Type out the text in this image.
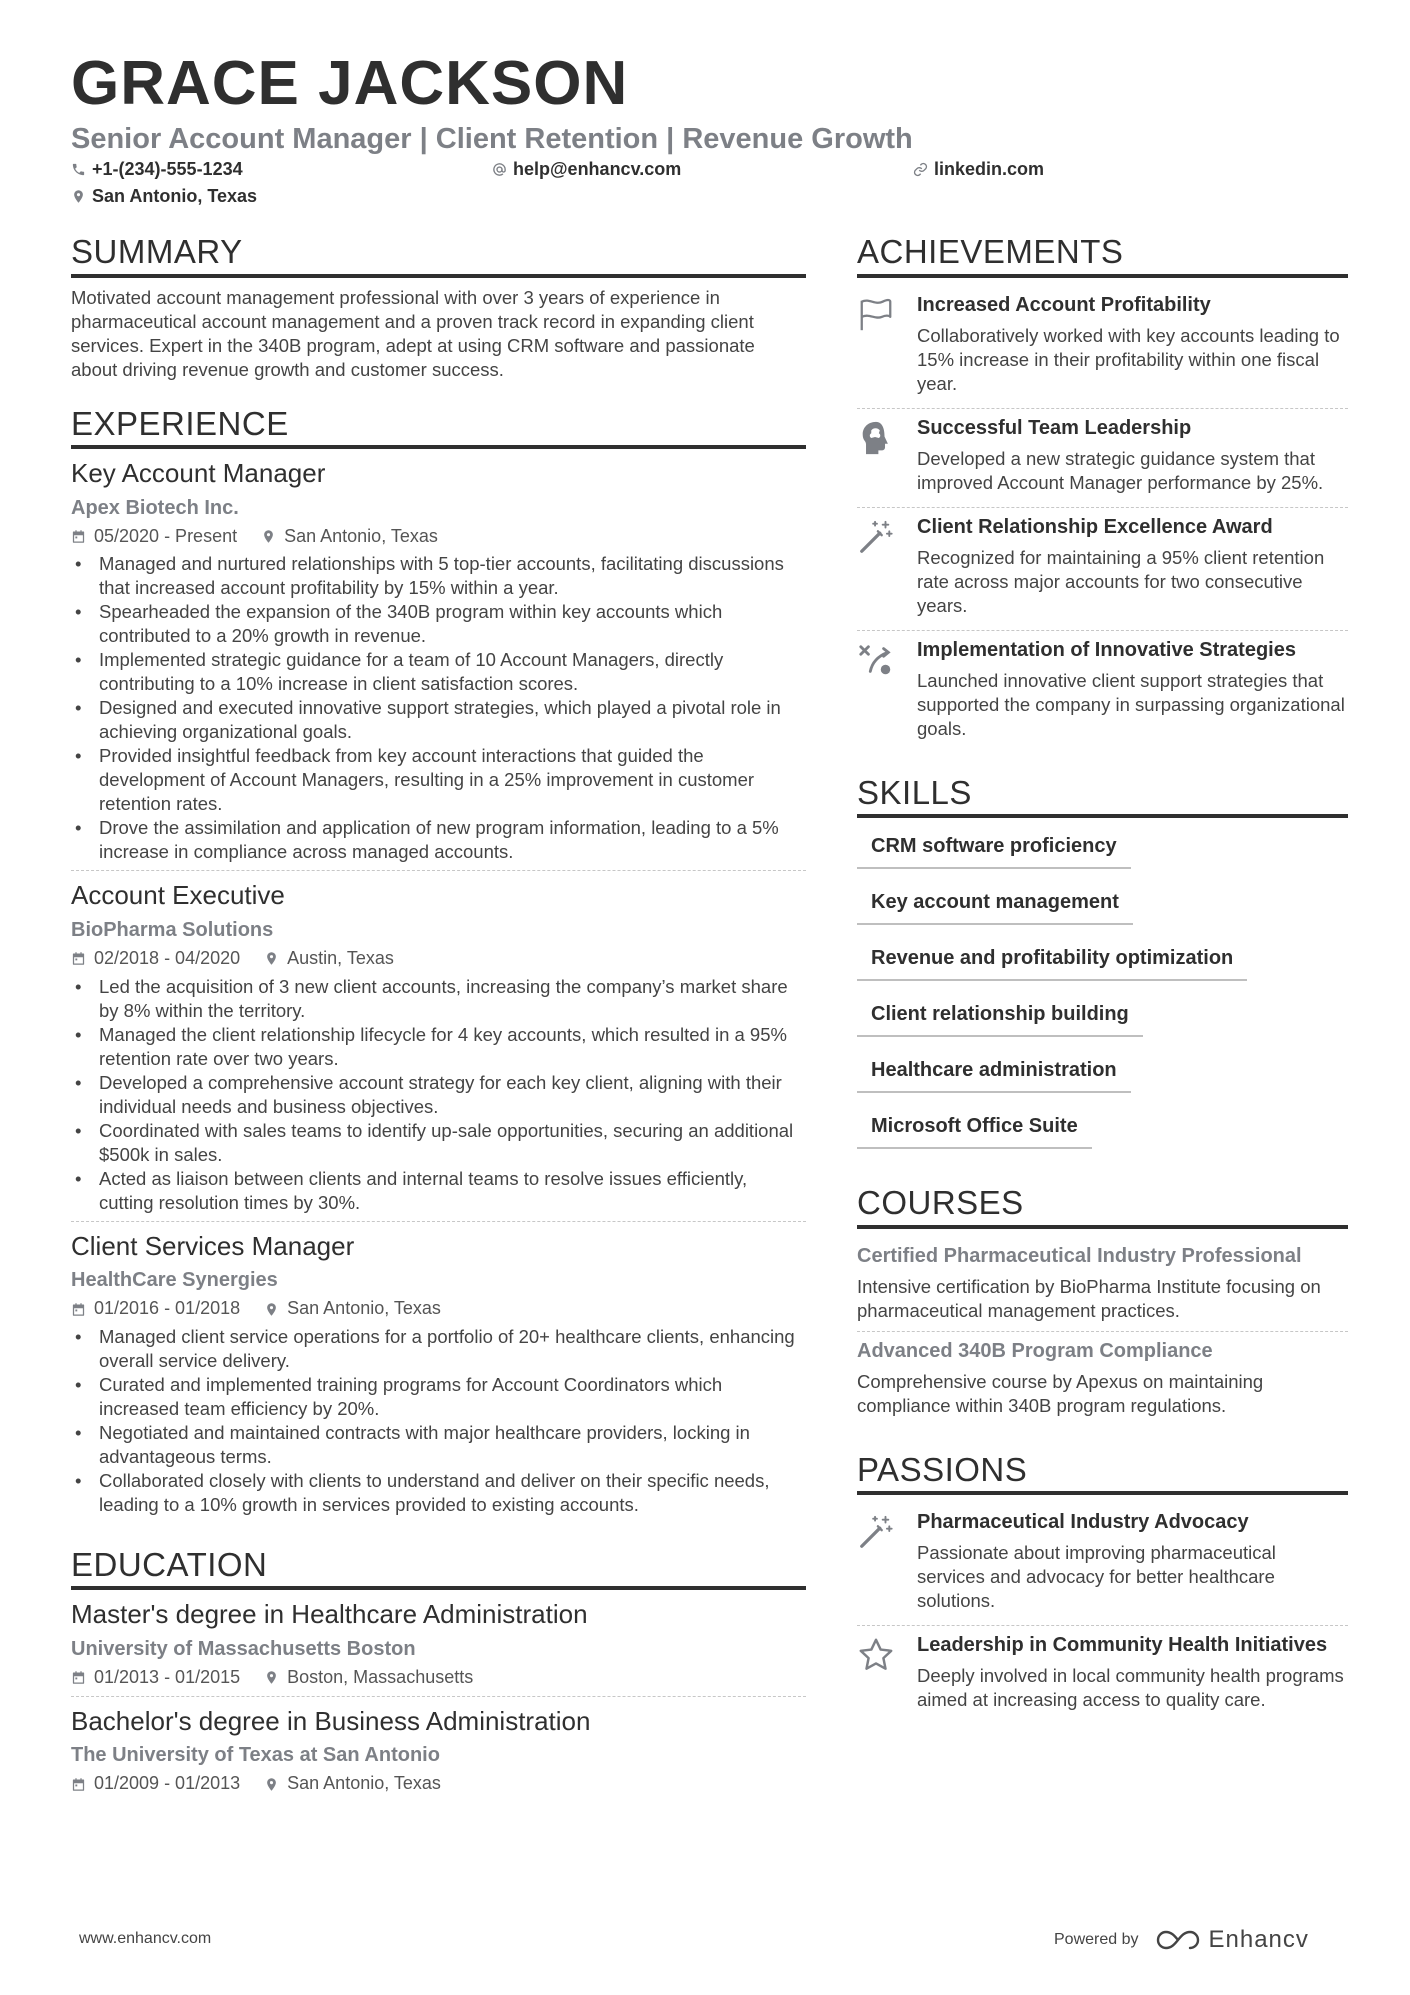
GRACE JACKSON
Senior Account Manager | Client Retention | Revenue Growth
+1-(234)-555-1234	help@enhancv.com	linkedin.com
San Antonio, Texas
SUMMARY

Motivated account management professional with over 3 years of experience in pharmaceutical account management and a proven track record in expanding client services. Expert in the 340B program, adept at using CRM software and passionate about driving revenue growth and customer success.

EXPERIENCE
Key Account Manager
Apex Biotech Inc.
05/2020 - Present	San Antonio, Texas
• Managed and nurtured relationships with 5 top-tier accounts, facilitating discussions that increased account profitability by 15% within a year.
• Spearheaded the expansion of the 340B program within key accounts which contributed to a 20% growth in revenue.
• Implemented strategic guidance for a team of 10 Account Managers, directly contributing to a 10% increase in client satisfaction scores.
• Designed and executed innovative support strategies, which played a pivotal role in achieving organizational goals.
• Provided insightful feedback from key account interactions that guided the development of Account Managers, resulting in a 25% improvement in customer retention rates.
• Drove the assimilation and application of new program information, leading to a 5% increase in compliance across managed accounts.
Account Executive
BioPharma Solutions
02/2018 - 04/2020	Austin, Texas
• Led the acquisition of 3 new client accounts, increasing the company’s market share by 8% within the territory.
• Managed the client relationship lifecycle for 4 key accounts, which resulted in a 95% retention rate over two years.
• Developed a comprehensive account strategy for each key client, aligning with their individual needs and business objectives.
• Coordinated with sales teams to identify up-sale opportunities, securing an additional $500k in sales.
• Acted as liaison between clients and internal teams to resolve issues efficiently, cutting resolution times by 30%.
Client Services Manager
HealthCare Synergies
01/2016 - 01/2018	San Antonio, Texas
• Managed client service operations for a portfolio of 20+ healthcare clients, enhancing overall service delivery.
• Curated and implemented training programs for Account Coordinators which increased team efficiency by 20%.
• Negotiated and maintained contracts with major healthcare providers, locking in advantageous terms.
• Collaborated closely with clients to understand and deliver on their specific needs, leading to a 10% growth in services provided to existing accounts.
EDUCATION
Master's degree in Healthcare Administration
University of Massachusetts Boston
01/2013 - 01/2015	Boston, Massachusetts
Bachelor's degree in Business Administration
The University of Texas at San Antonio
01/2009 - 01/2013	San Antonio, Texas
ACHIEVEMENTS
Increased Account Profitability
Collaboratively worked with key accounts leading to 15% increase in their profitability within one fiscal year.
Successful Team Leadership
Developed a new strategic guidance system that improved Account Manager performance by 25%.
Client Relationship Excellence Award
Recognized for maintaining a 95% client retention rate across major accounts for two consecutive years.
Implementation of Innovative Strategies
Launched innovative client support strategies that supported the company in surpassing organizational goals.
SKILLS
CRM software proficiency
Key account management
Revenue and profitability optimization
Client relationship building
Healthcare administration
Microsoft Office Suite
COURSES
Certified Pharmaceutical Industry Professional
Intensive certification by BioPharma Institute focusing on pharmaceutical management practices.
Advanced 340B Program Compliance
Comprehensive course by Apexus on maintaining compliance within 340B program regulations.
PASSIONS
Pharmaceutical Industry Advocacy
Passionate about improving pharmaceutical services and advocacy for better healthcare solutions.
Leadership in Community Health Initiatives
Deeply involved in local community health programs aimed at increasing access to quality care.
www.enhancv.com	Powered by	Enhancv
